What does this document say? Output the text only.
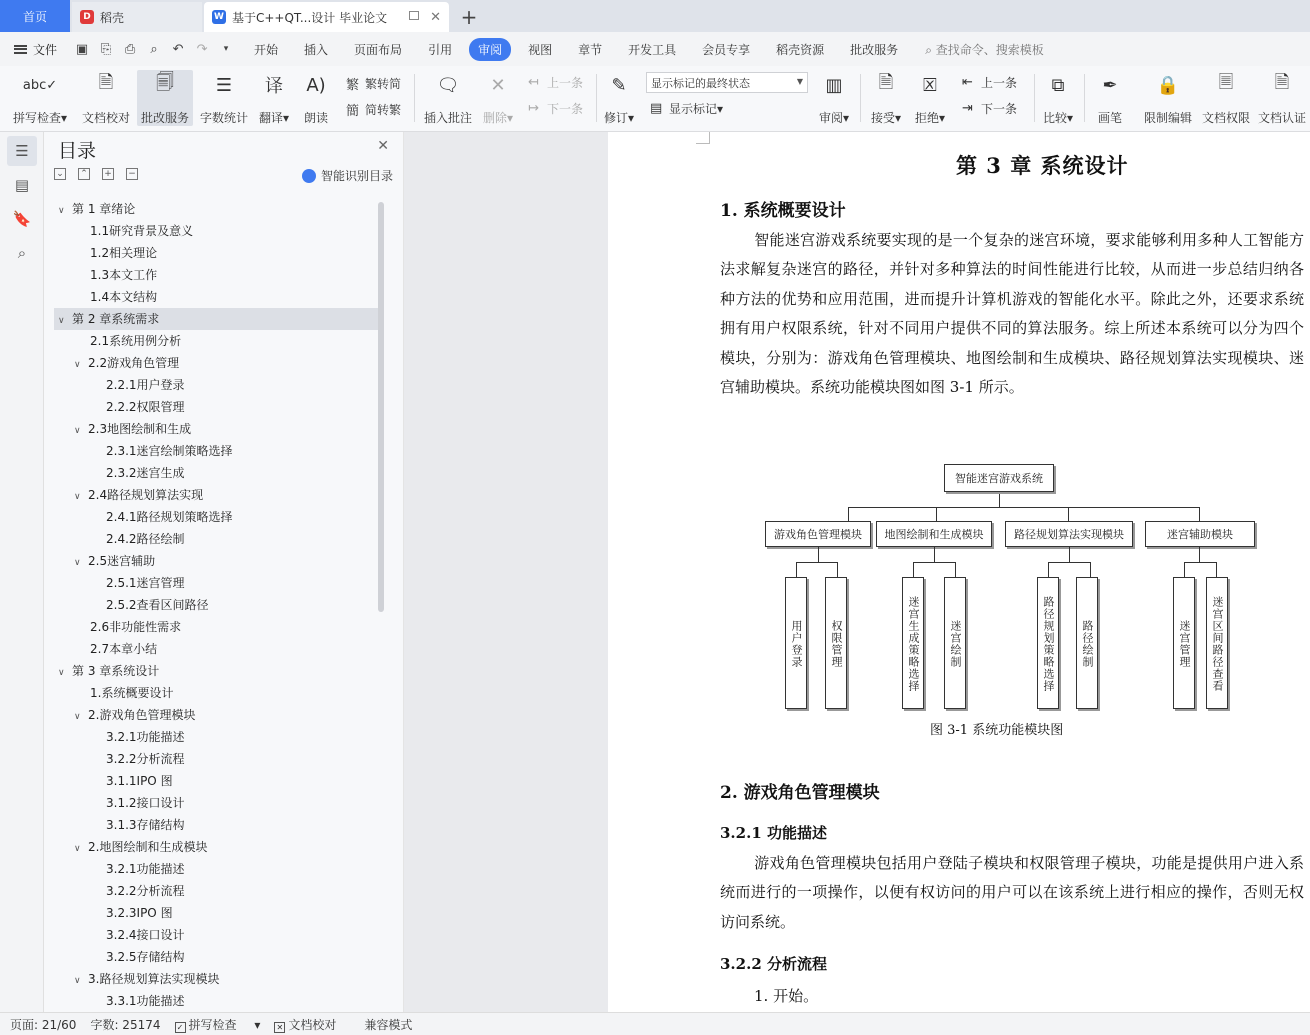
首页	D 稻壳	W 基于C++QT...设计 毕业论文	✕ +
文件 ▣ ⎘ ⎙	⌕	↶ ↷	▾	开始 插入 页面布局 引用	审阅	视图 章节 开发工具 会员专享 稻壳资源 批改服务 ⌕ 查找命令、搜索模板
abc✓
拼写检查▾
🗎
文档校对
🗐
批改服务
☰
字数统计
译
翻译▾
A)
朗读
繁 繁转简
簡 简转繁
🗨
插入批注
✕
删除▾
↤ 上一条
↦ 下一条
✎
修订▾
▤ 显示标记▾
▥
审阅▾
🗎
接受▾
🗵
拒绝▾
⇤ 上一条
⇥ 下一条
⧉
比较▾
✒
画笔
🔒
限制编辑
🗏
文档权限
🗎
文档认证
显示标记的最终状态	▼
☰
▤
🔖
⌕
目录	✕
⌄ ⌃ + −	智能识别目录
∨ 第 1 章绪论
1.1研究背景及意义
1.2相关理论
1.3本文工作
1.4本文结构
∨ 第 2 章系统需求
2.1系统用例分析
∨ 2.2游戏角色管理
2.2.1用户登录
2.2.2权限管理
∨ 2.3地图绘制和生成
2.3.1迷宫绘制策略选择
2.3.2迷宫生成
∨ 2.4路径规划算法实现
2.4.1路径规划策略选择
2.4.2路径绘制
∨ 2.5迷宫辅助
2.5.1迷宫管理
2.5.2查看区间路径
2.6非功能性需求
2.7本章小结
∨ 第 3 章系统设计
1.系统概要设计
∨ 2.游戏角色管理模块
3.2.1功能描述
3.2.2分析流程
3.1.1IPO 图
3.1.2接口设计
3.1.3存储结构
∨ 2.地图绘制和生成模块
3.2.1功能描述
3.2.2分析流程
3.2.3IPO 图
3.2.4接口设计
3.2.5存储结构
∨ 3.路径规划算法实现模块
3.3.1功能描述
第 3 章 系统设计
1. 系统概要设计
智能迷宫游戏系统要实现的是一个复杂的迷宫环境，要求能够利用多种人工智能方法求解复杂迷宫的路径，并针对多种算法的时间性能进行比较，从而进一步总结归纳各种方法的优势和应用范围，进而提升计算机游戏的智能化水平。除此之外，还要求系统拥有用户权限系统，针对不同用户提供不同的算法服务。综上所述本系统可以分为四个模块，分别为：游戏角色管理模块、地图绘制和生成模块、路径规划算法实现模块、迷宫辅助模块。系统功能模块图如图 3-1 所示。
智能迷宫游戏系统
游戏角色管理模块	地图绘制和生成模块	路径规划算法实现模块	迷宫辅助模块
用户登录	权限管理	迷宫生成策略选择	迷宫绘制	路径规划策略选择	路径绘制	迷宫管理	迷宫区间路径查看
图 3-1 系统功能模块图
2. 游戏角色管理模块
3.2.1 功能描述
游戏角色管理模块包括用户登陆子模块和权限管理子模块，功能是提供用户进入系统而进行的一项操作，以便有权访问的用户可以在该系统上进行相应的操作，否则无权访问系统。
3.2.2 分析流程
1. 开始。
页面: 21/60 字数: 25174 ✓ 拼写检查 ▾ ✕ 文档校对	兼容模式
